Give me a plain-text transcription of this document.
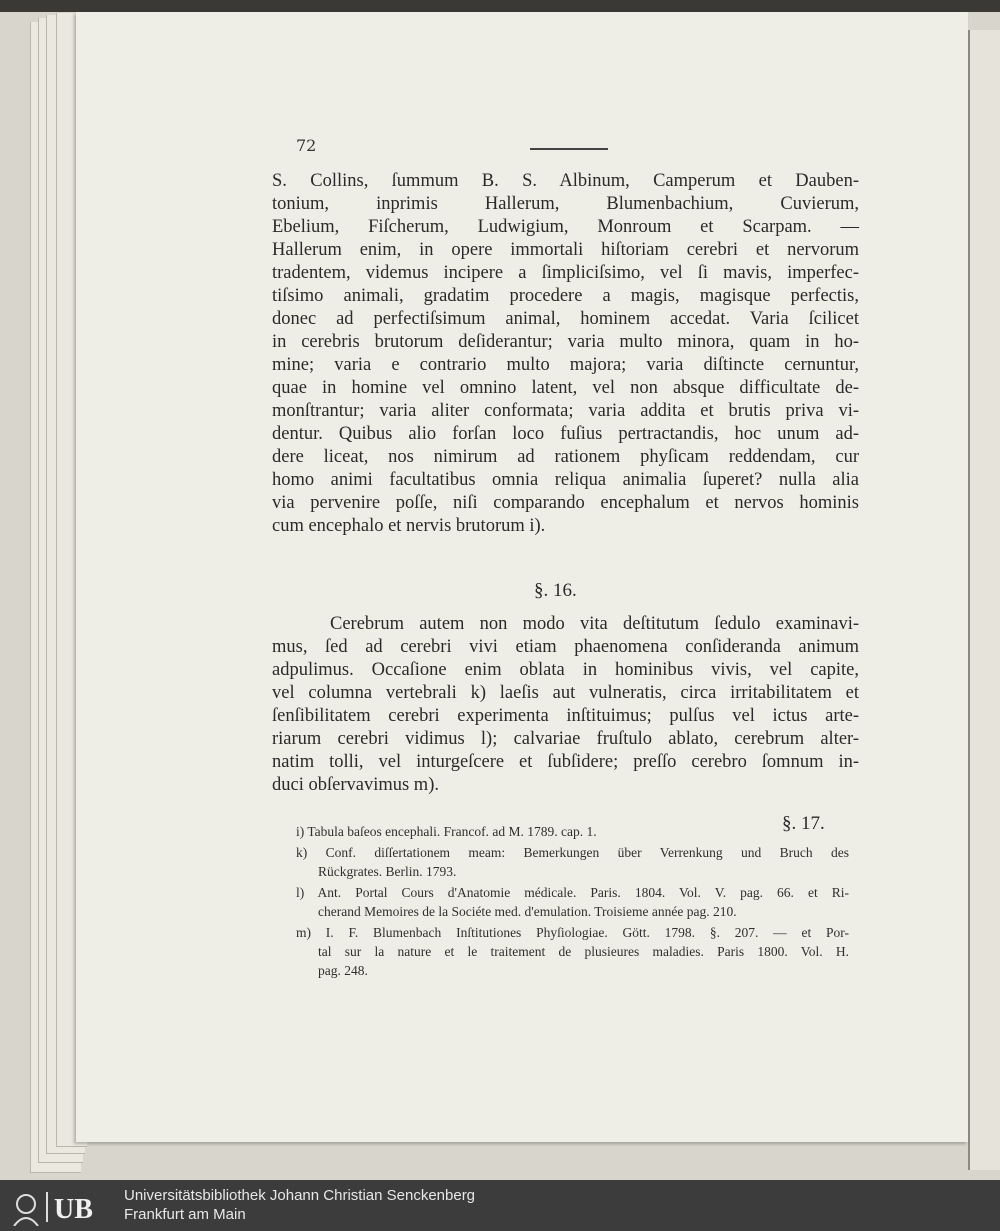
72
S. Collins, ſummum B. S. Albinum, Camperum et Dauben-
tonium, inprimis Hallerum, Blumenbachium, Cuvierum,
Ebelium, Fiſcherum, Ludwigium, Monroum et Scarpam. —
Hallerum enim, in opere immortali hiſtoriam cerebri et nervorum
tradentem, videmus incipere a ſimpliciſsimo, vel ſi mavis, imperfec-
tiſsimo animali, gradatim procedere a magis, magisque perfectis,
donec ad perfectiſsimum animal, hominem accedat. Varia ſcilicet
in cerebris brutorum deſiderantur; varia multo minora, quam in ho-
mine; varia e contrario multo majora; varia diſtincte cernuntur,
quae in homine vel omnino latent, vel non absque difficultate de-
monſtrantur; varia aliter conformata; varia addita et brutis priva vi-
dentur. Quibus alio forſan loco fuſius pertractandis, hoc unum ad-
dere liceat, nos nimirum ad rationem phyſicam reddendam, cur
homo animi facultatibus omnia reliqua animalia ſuperet? nulla alia
via pervenire poſſe, niſi comparando encephalum et nervos hominis
cum encephalo et nervis brutorum i).
§. 16.
Cerebrum autem non modo vita deſtitutum ſedulo examinavi-
mus, ſed ad cerebri vivi etiam phaenomena conſideranda animum
adpulimus. Occaſione enim oblata in hominibus vivis, vel capite,
vel columna vertebrali k) laeſis aut vulneratis, circa irritabilitatem et
ſenſibilitatem cerebri experimenta inſtituimus; pulſus vel ictus arte-
riarum cerebri vidimus l); calvariae fruſtulo ablato, cerebrum alter-
natim tolli, vel inturgeſcere et ſubſidere; preſſo cerebro ſomnum in-
duci obſervavimus m).
§. 17.
i) Tabula baſeos encephali. Francof. ad M. 1789. cap. 1.
k) Conf. diſſertationem meam: Bemerkungen über Verrenkung und Bruch des
Rückgrates. Berlin. 1793.
l) Ant. Portal Cours d'Anatomie médicale. Paris. 1804. Vol. V. pag. 66. et Ri-
cherand Memoires de la Sociéte med. d'emulation. Troisieme année pag. 210.
m) I. F. Blumenbach Inſtitutiones Phyſiologiae. Gött. 1798. §. 207. — et Por-
tal sur la nature et le traitement de plusieures maladies. Paris 1800. Vol. H.
pag. 248.
UB Universitätsbibliothek Johann Christian Senckenberg
Frankfurt am Main
